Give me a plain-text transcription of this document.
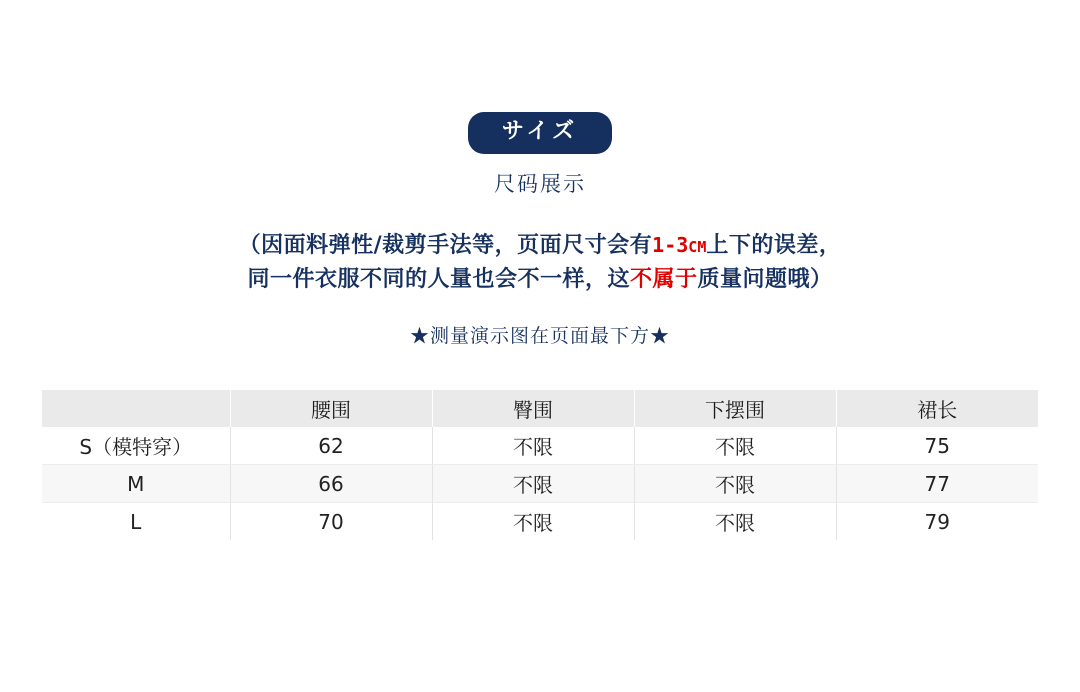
サイズ
尺码展示
（因面料弹性/裁剪手法等，页面尺寸会有1-3CM上下的误差，
同一件衣服不同的人量也会不一样，这不属于质量问题哦）
★测量演示图在页面最下方★
	腰围	臀围	下摆围	裙长
S（模特穿）	62	不限	不限	75
M	66	不限	不限	77
L	70	不限	不限	79
